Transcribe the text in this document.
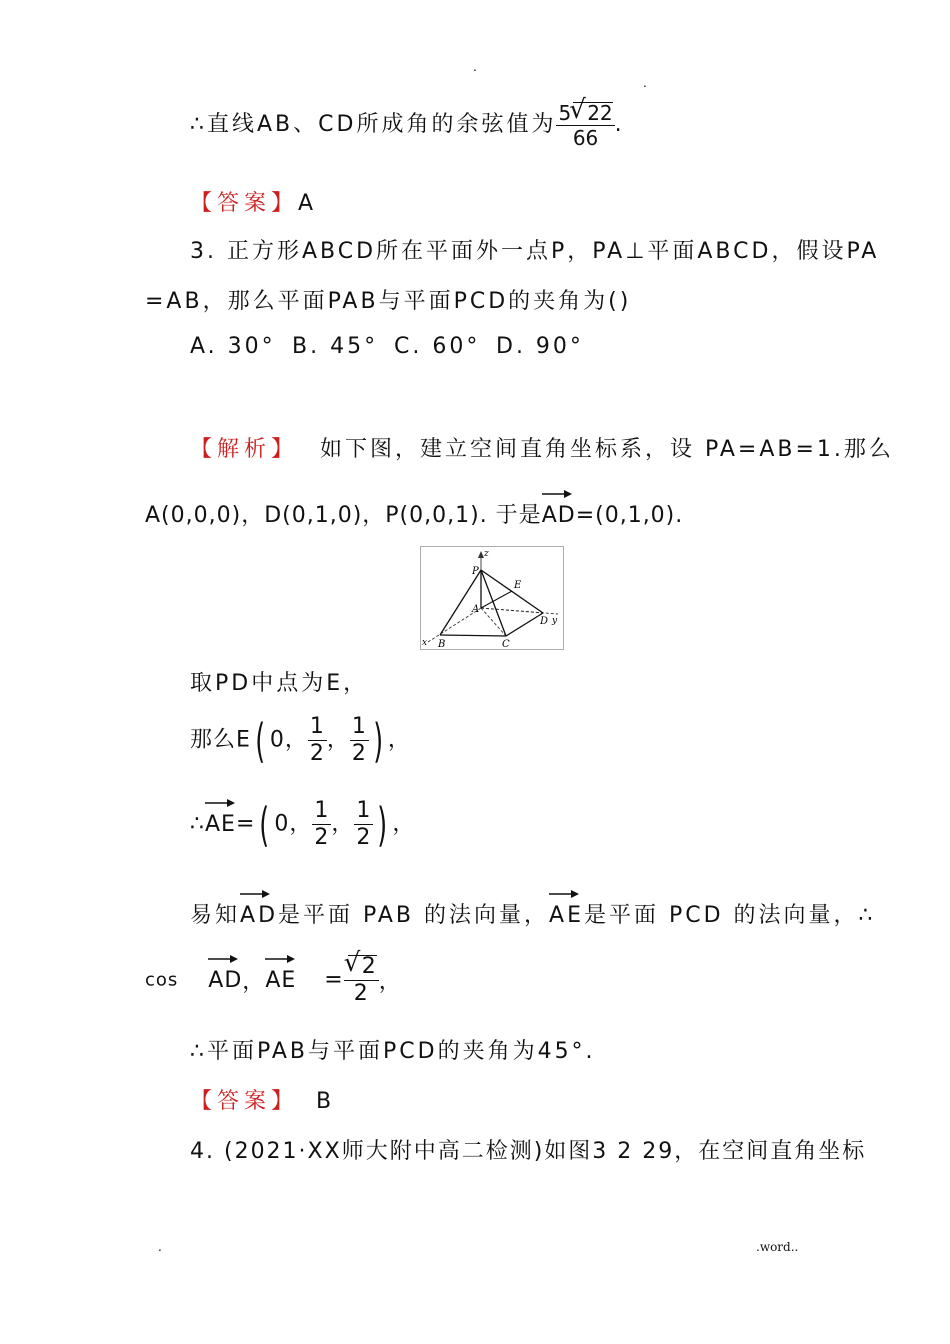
.
.
∴直线AB、CD所成角的余弦值为 $\frac{5 √ 22}{66}$ .
【答案】A
3. 正方形ABCD所在平面外一点P，PA⊥平面ABCD，假设PA
=AB，那么平面PAB与平面PCD的夹角为()
A. 30° B. 45° C. 60° D. 90°
【解析】 如下图，建立空间直角坐标系，设 PA=AB=1.那么
A(0,0,0)，D(0,1,0)，P(0,0,1). 于是
AD=(0,1,0).
z
P
E
A
D y
x B	C
取PD中点为E，
那么E( 0， $\frac{1}{2}$ ， $\frac{1}{2}$ ) ，
∴
AE=( 0， $\frac{1}{2}$ ， $\frac{1}{2}$ ) ，
易知
AD是平面 PAB 的法向量，
AE是平面 PCD 的法向量，∴
cos AD，
AE = √ $\frac{2}{2}$ ，
∴平面PAB与平面PCD的夹角为45°.
【答案】 B
4. (2021·XX师大附中高二检测)如图3 2 29，在空间直角坐标
.	.word..
